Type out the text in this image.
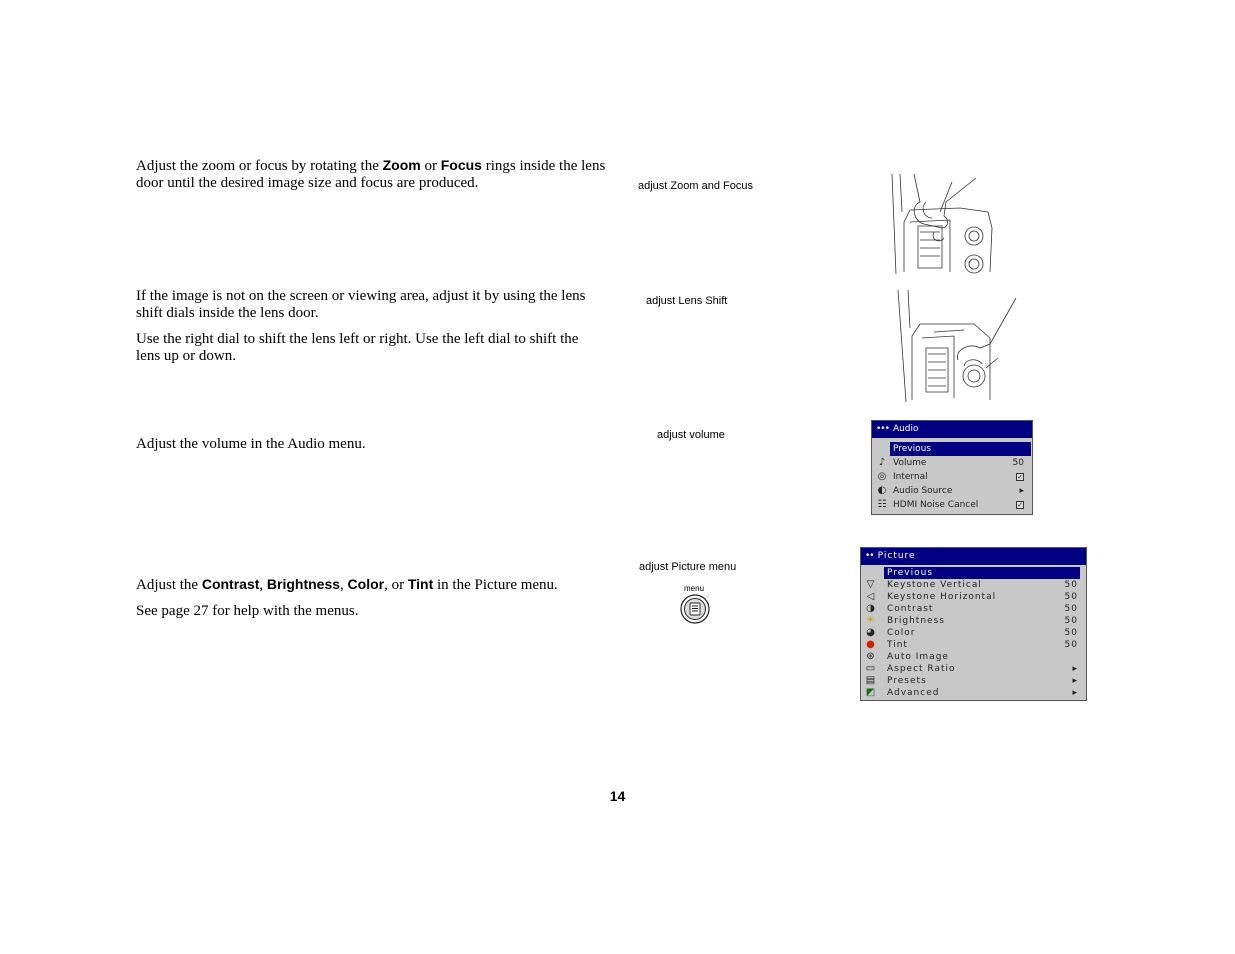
Adjust the zoom or focus by rotating the Zoom or Focus rings inside the lens door until the desired image size and focus are produced.	adjust Zoom and Focus

If the image is not on the screen or viewing area, adjust it by using the lens shift dials inside the lens door.

Use the right dial to shift the lens left or right. Use the left dial to shift the lens up or down.

adjust Lens Shift

Adjust the volume in the Audio menu.

adjust volume	••• Audio
Previous
♪ Volume	50
◎ Internal	✓
◐ Audio Source	▸
☷ HDMI Noise Cancel	✓

Adjust the Contrast, Brightness, Color, or Tint in the Picture menu.

See page 27 for help with the menus.

adjust Picture menu
menu
•• Picture
Previous
▽ Keystone Vertical	50
◁ Keystone Horizontal	50
◑ Contrast	50
☀ Brightness	50
◕ Color	50
● Tint	50
⊛ Auto Image
▭ Aspect Ratio	▸
▤ Presets	▸
◩ Advanced	▸
14
